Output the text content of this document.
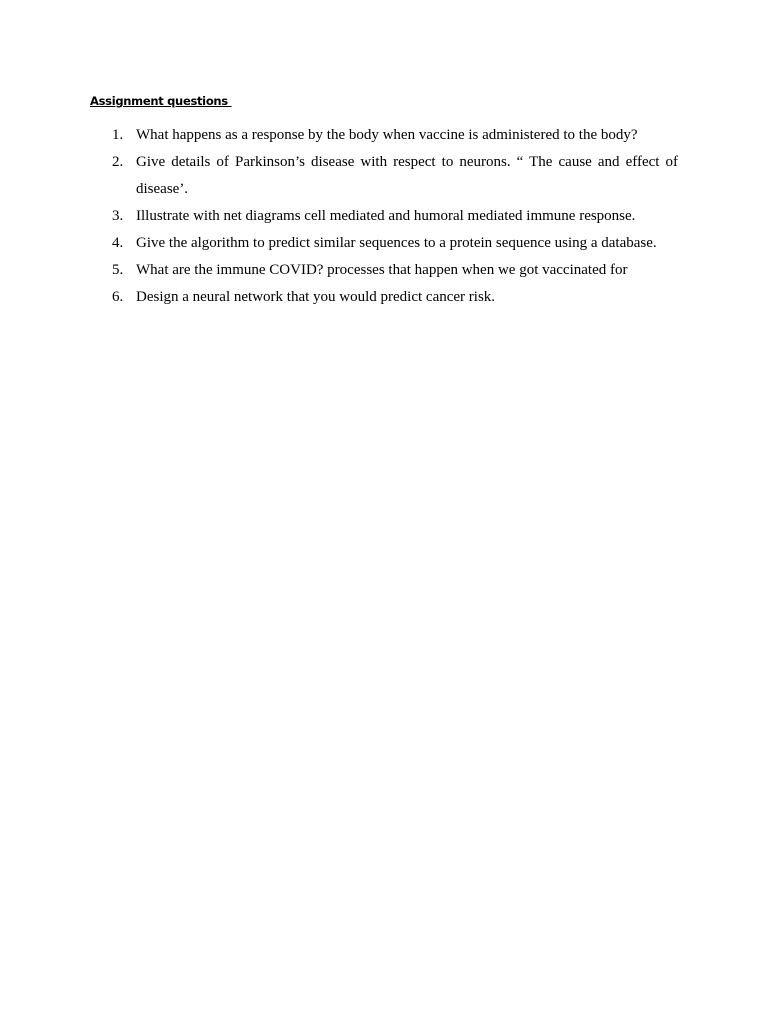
Assignment questions
1. What happens as a response by the body when vaccine is administered to the body?
2. Give details of Parkinson’s disease with respect to neurons. “ The cause and effect of disease’.
3. Illustrate with net diagrams cell mediated and humoral mediated immune response.
4. Give the algorithm to predict similar sequences to a protein sequence using a database.
5. What are the immune COVID? processes that happen when we got vaccinated for
6. Design a neural network that you would predict cancer risk.
